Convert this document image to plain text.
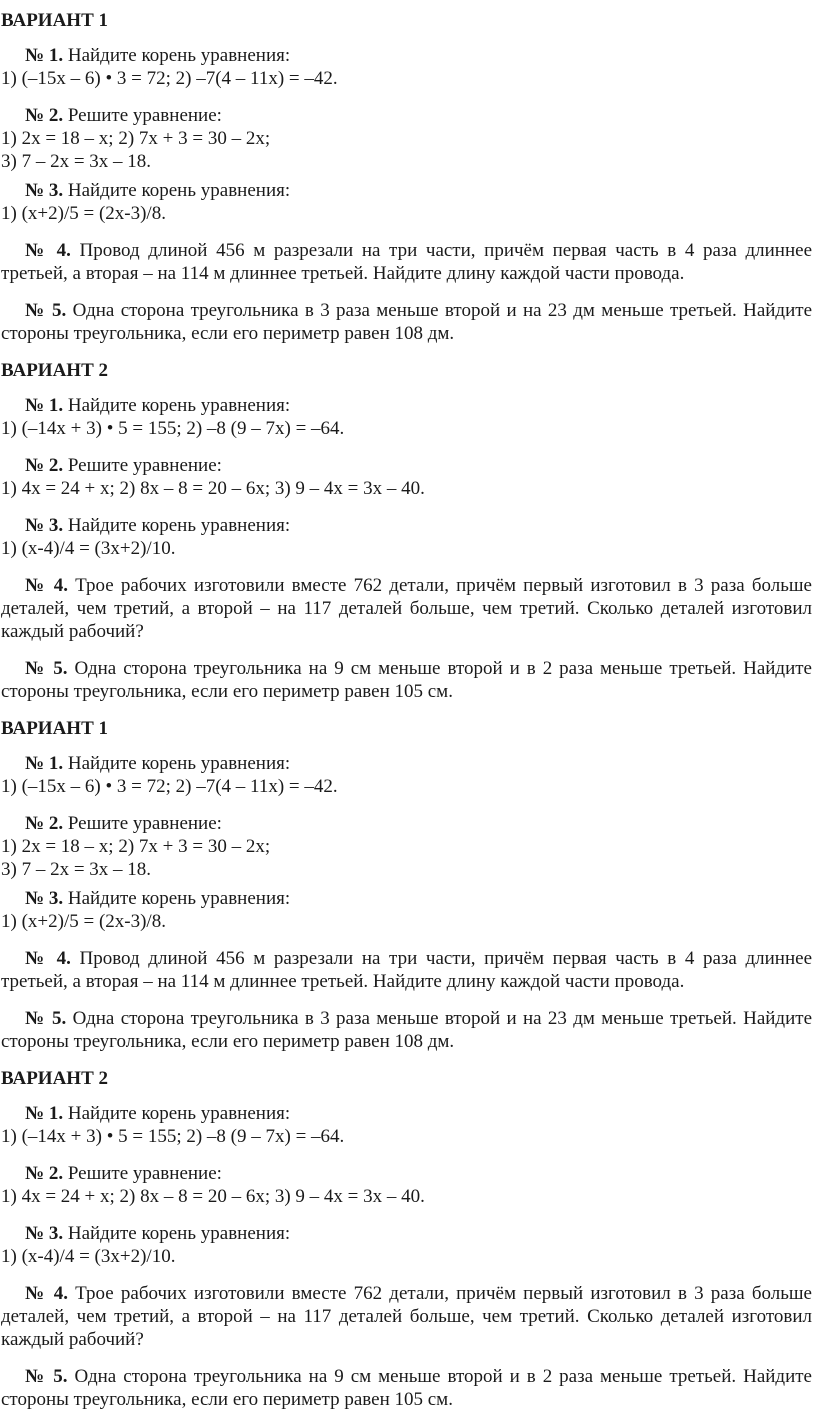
ВАРИАНТ 1
№ 1. Найдите корень уравнения:
1) (–15x – 6) • 3 = 72; 2) –7(4 – 11x) = –42.
№ 2. Решите уравнение:
1) 2x = 18 – x; 2) 7x + 3 = 30 – 2x;
3) 7 – 2x = 3x – 18.
№ 3. Найдите корень уравнения:
1) (x+2)/5 = (2x-3)/8.
№ 4. Провод длиной 456 м разрезали на три части, причём первая часть в 4 раза длиннее третьей, а вторая – на 114 м длиннее третьей. Найдите длину каждой части провода.
№ 5. Одна сторона треугольника в 3 раза меньше второй и на 23 дм меньше третьей. Найдите стороны треугольника, если его периметр равен 108 дм.
ВАРИАНТ 2
№ 1. Найдите корень уравнения:
1) (–14x + 3) • 5 = 155; 2) –8 (9 – 7x) = –64.
№ 2. Решите уравнение:
1) 4x = 24 + x; 2) 8x – 8 = 20 – 6x; 3) 9 – 4x = 3x – 40.
№ 3. Найдите корень уравнения:
1) (x-4)/4 = (3x+2)/10.
№ 4. Трое рабочих изготовили вместе 762 детали, причём первый изготовил в 3 раза больше деталей, чем третий, а второй – на 117 деталей больше, чем третий. Сколько деталей изготовил каждый рабочий?
№ 5. Одна сторона треугольника на 9 см меньше второй и в 2 раза меньше третьей. Найдите стороны треугольника, если его периметр равен 105 см.
ВАРИАНТ 1
№ 1. Найдите корень уравнения:
1) (–15x – 6) • 3 = 72; 2) –7(4 – 11x) = –42.
№ 2. Решите уравнение:
1) 2x = 18 – x; 2) 7x + 3 = 30 – 2x;
3) 7 – 2x = 3x – 18.
№ 3. Найдите корень уравнения:
1) (x+2)/5 = (2x-3)/8.
№ 4. Провод длиной 456 м разрезали на три части, причём первая часть в 4 раза длиннее третьей, а вторая – на 114 м длиннее третьей. Найдите длину каждой части провода.
№ 5. Одна сторона треугольника в 3 раза меньше второй и на 23 дм меньше третьей. Найдите стороны треугольника, если его периметр равен 108 дм.
ВАРИАНТ 2
№ 1. Найдите корень уравнения:
1) (–14x + 3) • 5 = 155; 2) –8 (9 – 7x) = –64.
№ 2. Решите уравнение:
1) 4x = 24 + x; 2) 8x – 8 = 20 – 6x; 3) 9 – 4x = 3x – 40.
№ 3. Найдите корень уравнения:
1) (x-4)/4 = (3x+2)/10.
№ 4. Трое рабочих изготовили вместе 762 детали, причём первый изготовил в 3 раза больше деталей, чем третий, а второй – на 117 деталей больше, чем третий. Сколько деталей изготовил каждый рабочий?
№ 5. Одна сторона треугольника на 9 см меньше второй и в 2 раза меньше третьей. Найдите стороны треугольника, если его периметр равен 105 см.
